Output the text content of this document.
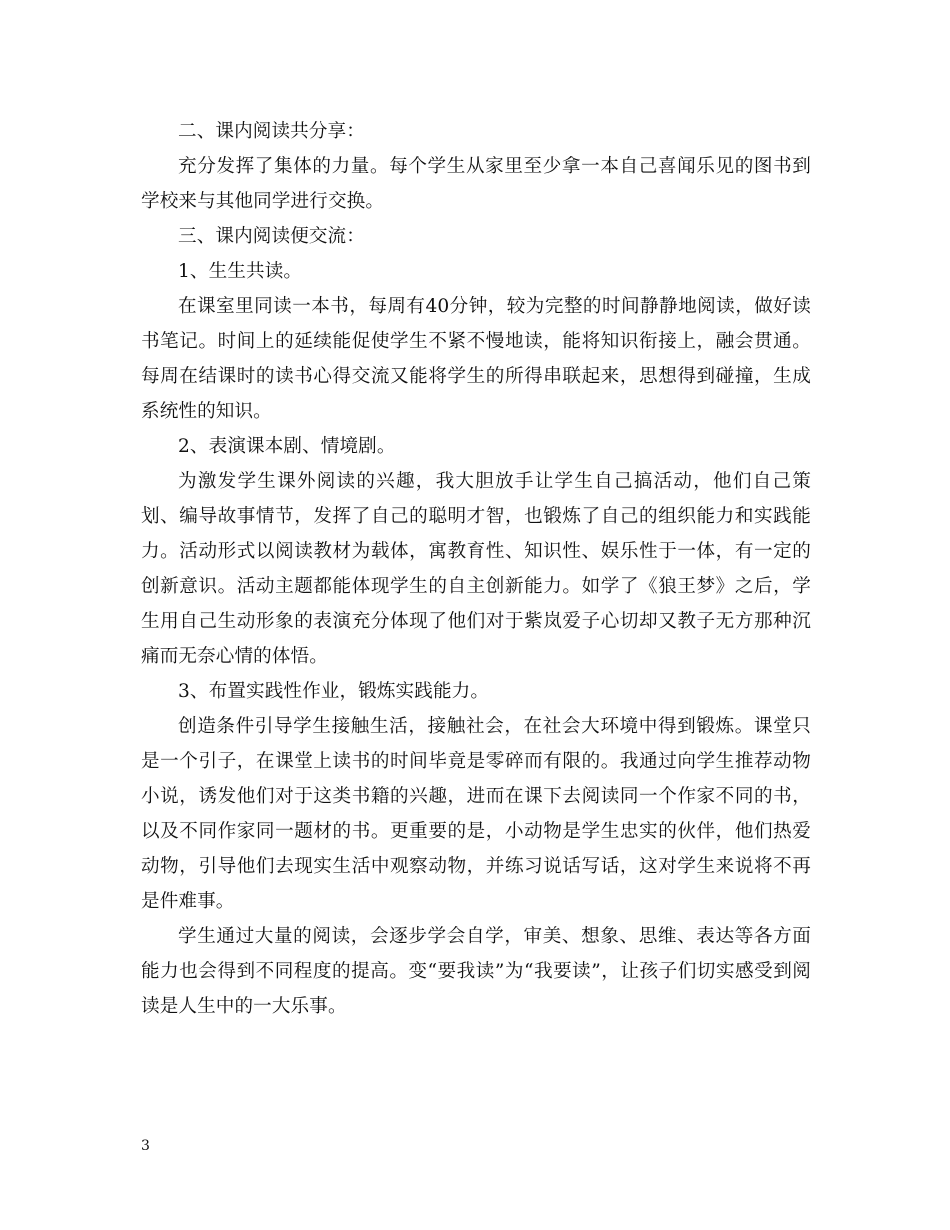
二、课内阅读共分享：

充分发挥了集体的力量。每个学生从家里至少拿一本自己喜闻乐见的图书到学校来与其他同学进行交换。

三、课内阅读便交流：

1、生生共读。

在课室里同读一本书，每周有40分钟，较为完整的时间静静地阅读，做好读书笔记。时间上的延续能促使学生不紧不慢地读，能将知识衔接上，融会贯通。每周在结课时的读书心得交流又能将学生的所得串联起来，思想得到碰撞，生成系统性的知识。

2、表演课本剧、情境剧。

为激发学生课外阅读的兴趣，我大胆放手让学生自己搞活动，他们自己策划、编导故事情节，发挥了自己的聪明才智，也锻炼了自己的组织能力和实践能力。活动形式以阅读教材为载体，寓教育性、知识性、娱乐性于一体，有一定的创新意识。活动主题都能体现学生的自主创新能力。如学了《狼王梦》之后，学生用自己生动形象的表演充分体现了他们对于紫岚爱子心切却又教子无方那种沉痛而无奈心情的体悟。

3、布置实践性作业，锻炼实践能力。

创造条件引导学生接触生活，接触社会，在社会大环境中得到锻炼。课堂只是一个引子，在课堂上读书的时间毕竟是零碎而有限的。我通过向学生推荐动物小说，诱发他们对于这类书籍的兴趣，进而在课下去阅读同一个作家不同的书，以及不同作家同一题材的书。更重要的是，小动物是学生忠实的伙伴，他们热爱动物，引导他们去现实生活中观察动物，并练习说话写话，这对学生来说将不再是件难事。

学生通过大量的阅读，会逐步学会自学，审美、想象、思维、表达等各方面能力也会得到不同程度的提高。变“要我读”为“我要读”，让孩子们切实感受到阅读是人生中的一大乐事。

3
